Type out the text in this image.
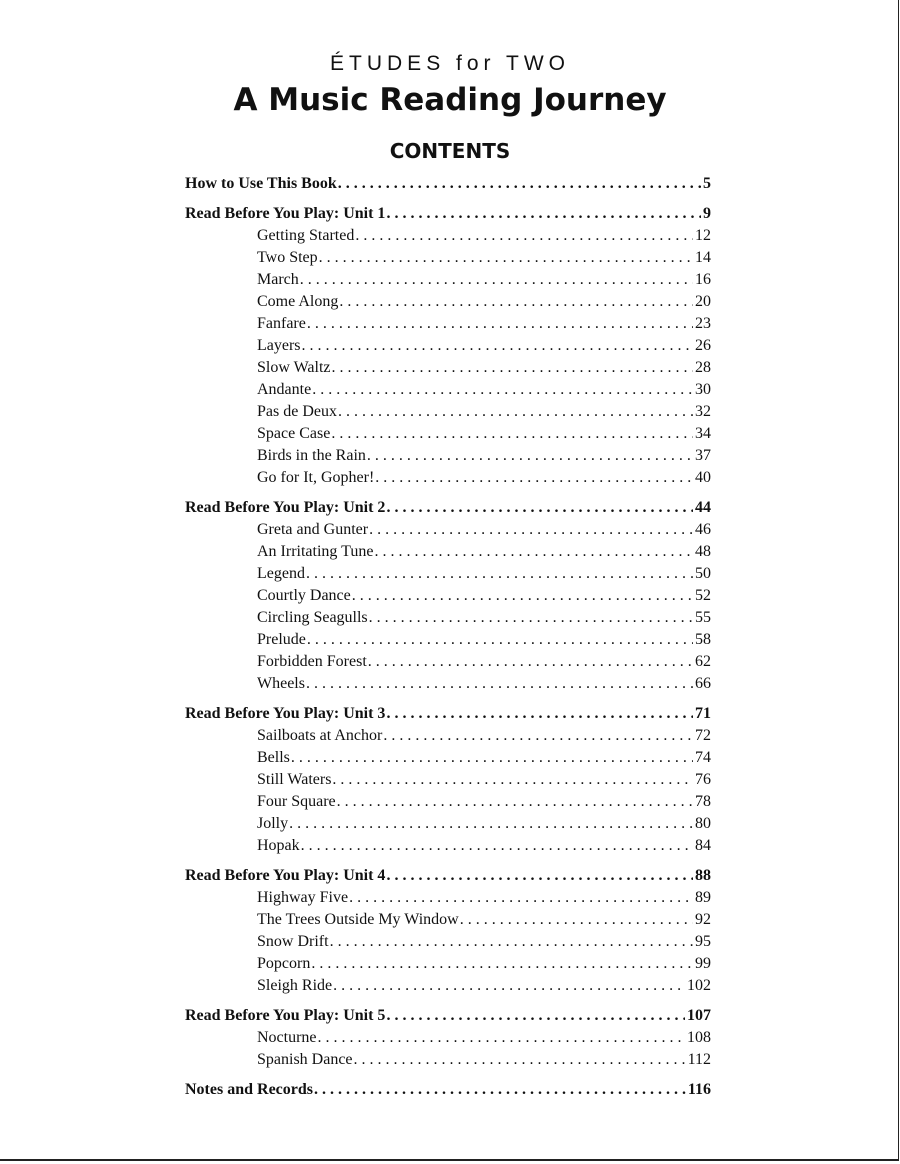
ÉTUDES for TWO
A Music Reading Journey
CONTENTS
How to Use This Book . . .	5
Read Before You Play: Unit 1 . . .	9
Getting Started . . .	12
Two Step . . .	14
March . . .	16
Come Along . . .	20
Fanfare . . .	23
Layers . . .	26
Slow Waltz . . .	28
Andante . . .	30
Pas de Deux . . .	32
Space Case . . .	34
Birds in the Rain . . .	37
Go for It, Gopher! . . .	40
Read Before You Play: Unit 2 . . .	44
Greta and Gunter . . .	46
An Irritating Tune . . .	48
Legend . . .	50
Courtly Dance . . .	52
Circling Seagulls . . .	55
Prelude . . .	58
Forbidden Forest . . .	62
Wheels . . .	66
Read Before You Play: Unit 3 . . .	71
Sailboats at Anchor . . .	72
Bells . . .	74
Still Waters . . .	76
Four Square . . .	78
Jolly . . .	80
Hopak . . .	84
Read Before You Play: Unit 4 . . .	88
Highway Five . . .	89
The Trees Outside My Window . . .	92
Snow Drift . . .	95
Popcorn . . .	99
Sleigh Ride . . .	102
Read Before You Play: Unit 5 . . .	107
Nocturne . . .	108
Spanish Dance . . .	112
Notes and Records . . .	116
